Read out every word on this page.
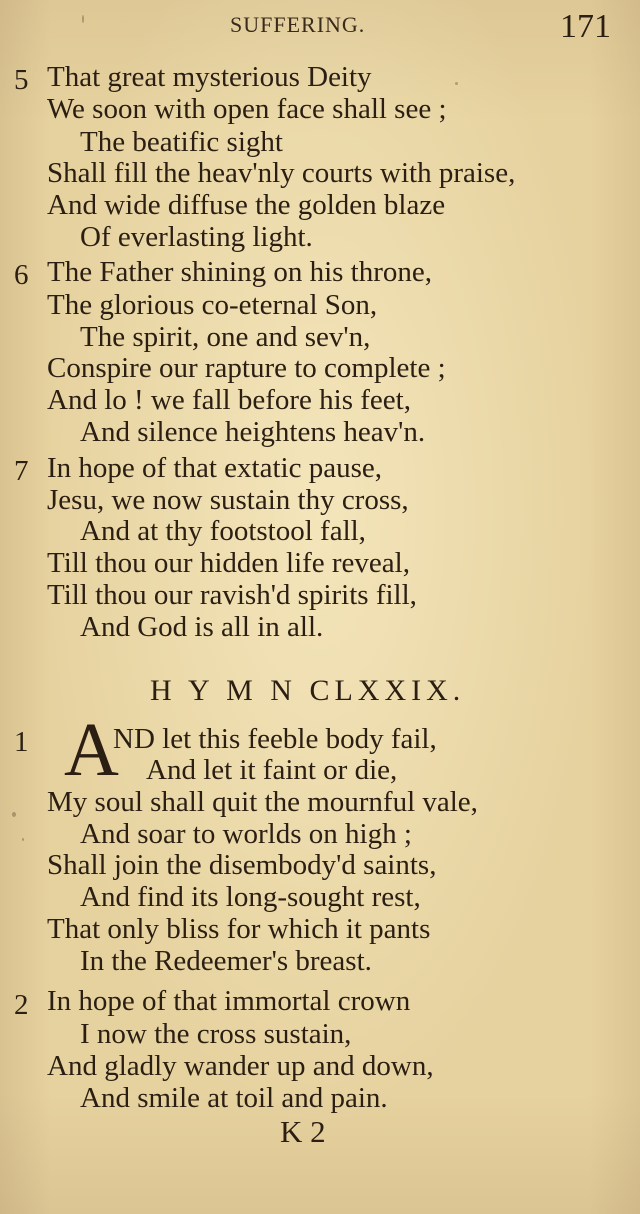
SUFFERING.	171
5 That great mysterious Deity
We soon with open face shall see ;
The beatific sight
Shall fill the heav'nly courts with praise,
And wide diffuse the golden blaze
Of everlasting light.
6 The Father shining on his throne,
The glorious co-eternal Son,
The spirit, one and sev'n,
Conspire our rapture to complete ;
And lo ! we fall before his feet,
And silence heightens heav'n.
7 In hope of that extatic pause,
Jesu, we now sustain thy cross,
And at thy footstool fall,
Till thou our hidden life reveal,
Till thou our ravish'd spirits fill,
And God is all in all.
H Y M N CLXXIX.
1 A
ND let this feeble body fail,
And let it faint or die,
My soul shall quit the mournful vale,
And soar to worlds on high ;
Shall join the disembody'd saints,
And find its long-sought rest,
That only bliss for which it pants
In the Redeemer's breast.
2 In hope of that immortal crown
I now the cross sustain,
And gladly wander up and down,
And smile at toil and pain.
K 2
